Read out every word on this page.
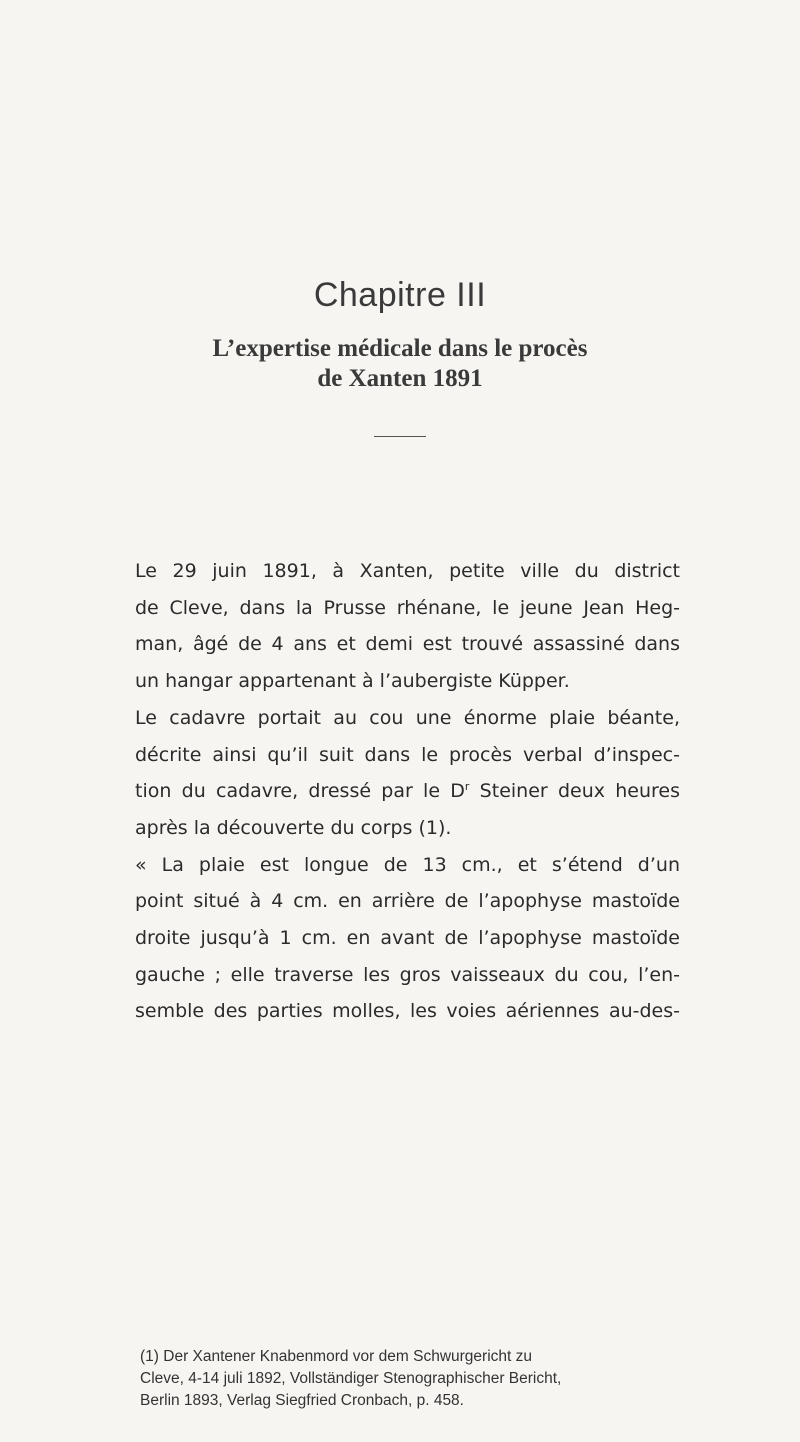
Chapitre III
L’expertise médicale dans le procès
de Xanten 1891
Le 29 juin 1891, à Xanten, petite ville du district
de Cleve, dans la Prusse rhénane, le jeune Jean Heg-
man, âgé de 4 ans et demi est trouvé assassiné dans
un hangar appartenant à l’aubergiste Küpper.
Le cadavre portait au cou une énorme plaie béante,
décrite ainsi qu’il suit dans le procès verbal d’inspec-
tion du cadavre, dressé par le $D^r$ Steiner deux heures
après la découverte du corps (1).
« La plaie est longue de 13 cm., et s’étend d’un
point situé à 4 cm. en arrière de l’apophyse mastoïde
droite jusqu’à 1 cm. en avant de l’apophyse mastoïde
gauche ; elle traverse les gros vaisseaux du cou, l’en-
semble des parties molles, les voies aériennes au-des-
(1) Der Xantener Knabenmord vor dem Schwurgericht zu
Cleve, 4-14 juli 1892, Vollständiger Stenographischer Bericht,
Berlin 1893, Verlag Siegfried Cronbach, p. 458.
